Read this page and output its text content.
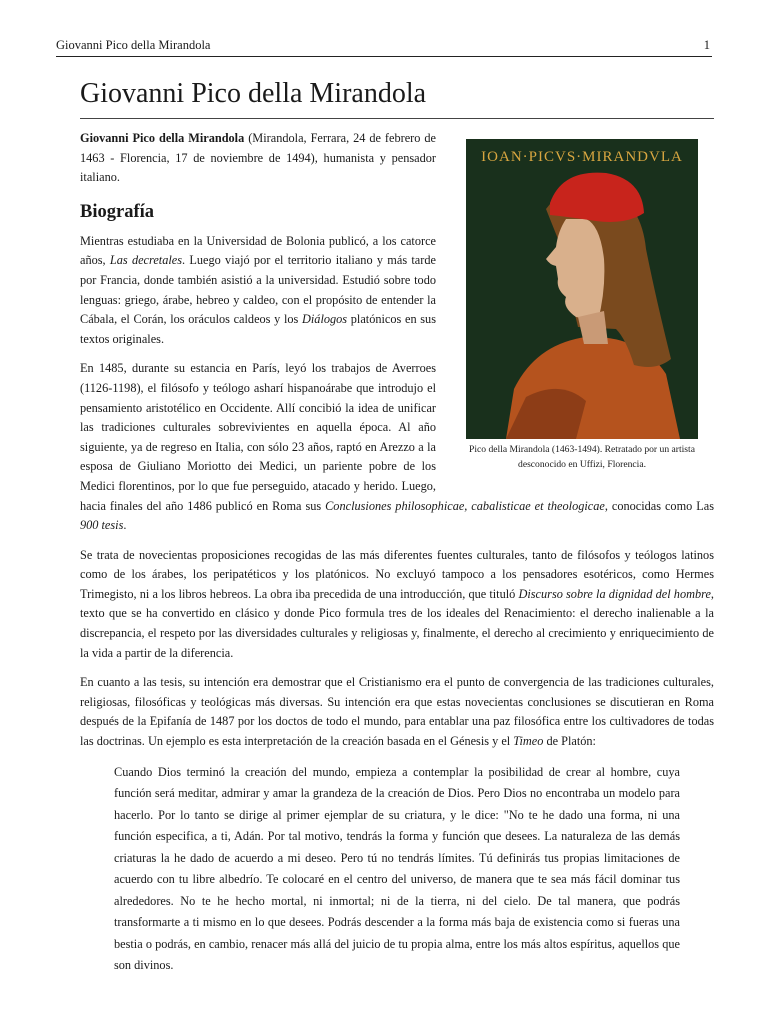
Giovanni Pico della Mirandola	1
Giovanni Pico della Mirandola
IOAN·PICVS·MIRANDVLA
Pico della Mirandola (1463-1494). Retratado por un artista desconocido en Uffizi, Florencia.

Giovanni Pico della Mirandola (Mirandola, Ferrara, 24 de febrero de 1463 - Florencia, 17 de noviembre de 1494), humanista y pensador italiano.

Biografía

Mientras estudiaba en la Universidad de Bolonia publicó, a los catorce años, Las decretales. Luego viajó por el territorio italiano y más tarde por Francia, donde también asistió a la universidad. Estudió sobre todo lenguas: griego, árabe, hebreo y caldeo, con el propósito de entender la Cábala, el Corán, los oráculos caldeos y los Diálogos platónicos en sus textos originales.

En 1485, durante su estancia en París, leyó los trabajos de Averroes (1126-1198), el filósofo y teólogo asharí hispanoárabe que introdujo el pensamiento aristotélico en Occidente. Allí concibió la idea de unificar las tradiciones culturales sobrevivientes en aquella época. Al año siguiente, ya de regreso en Italia, con sólo 23 años, raptó en Arezzo a la esposa de Giuliano Moriotto dei Medici, un pariente pobre de los Medici florentinos, por lo que fue perseguido, atacado y herido. Luego, hacia finales del año 1486 publicó en Roma sus Conclusiones philosophicae, cabalisticae et theologicae, conocidas como Las 900 tesis.

Se trata de novecientas proposiciones recogidas de las más diferentes fuentes culturales, tanto de filósofos y teólogos latinos como de los árabes, los peripatéticos y los platónicos. No excluyó tampoco a los pensadores esotéricos, como Hermes Trimegisto, ni a los libros hebreos. La obra iba precedida de una introducción, que tituló Discurso sobre la dignidad del hombre, texto que se ha convertido en clásico y donde Pico formula tres de los ideales del Renacimiento: el derecho inalienable a la discrepancia, el respeto por las diversidades culturales y religiosas y, finalmente, el derecho al crecimiento y enriquecimiento de la vida a partir de la diferencia.

En cuanto a las tesis, su intención era demostrar que el Cristianismo era el punto de convergencia de las tradiciones culturales, religiosas, filosóficas y teológicas más diversas. Su intención era que estas novecientas conclusiones se discutieran en Roma después de la Epifanía de 1487 por los doctos de todo el mundo, para entablar una paz filosófica entre los cultivadores de todas las doctrinas. Un ejemplo es esta interpretación de la creación basada en el Génesis y el Timeo de Platón:

Cuando Dios terminó la creación del mundo, empieza a contemplar la posibilidad de crear al hombre, cuya función será meditar, admirar y amar la grandeza de la creación de Dios. Pero Dios no encontraba un modelo para hacerlo. Por lo tanto se dirige al primer ejemplar de su criatura, y le dice: "No te he dado una forma, ni una función especifica, a ti, Adán. Por tal motivo, tendrás la forma y función que desees. La naturaleza de las demás criaturas la he dado de acuerdo a mi deseo. Pero tú no tendrás límites. Tú definirás tus propias limitaciones de acuerdo con tu libre albedrío. Te colocaré en el centro del universo, de manera que te sea más fácil dominar tus alrededores. No te he hecho mortal, ni inmortal; ni de la tierra, ni del cielo. De tal manera, que podrás transformarte a ti mismo en lo que desees. Podrás descender a la forma más baja de existencia como si fueras una bestia o podrás, en cambio, renacer más allá del juicio de tu propia alma, entre los más altos espíritus, aquellos que son divinos.
